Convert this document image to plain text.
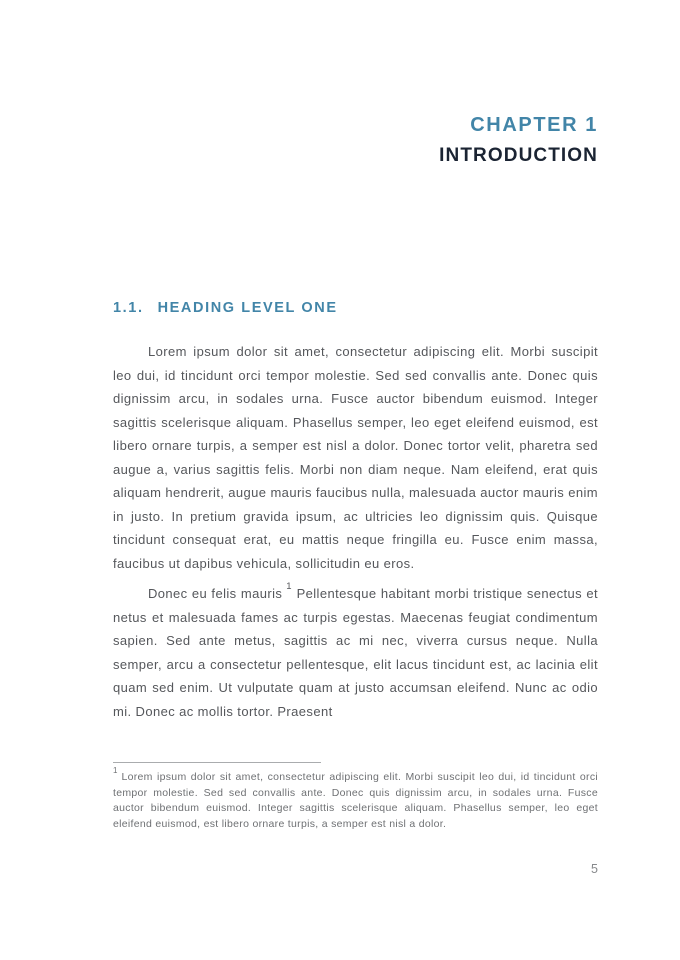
CHAPTER 1
INTRODUCTION
1.1. HEADING LEVEL ONE

Lorem ipsum dolor sit amet, consectetur adipiscing elit. Morbi suscipit leo dui, id tincidunt orci tempor molestie. Sed sed convallis ante. Donec quis dignissim arcu, in sodales urna. Fusce auctor bibendum euismod. Integer sagittis scelerisque aliquam. Phasellus semper, leo eget eleifend euismod, est libero ornare turpis, a semper est nisl a dolor. Donec tortor velit, pharetra sed augue a, varius sagittis felis. Morbi non diam neque. Nam eleifend, erat quis aliquam hendrerit, augue mauris faucibus nulla, malesuada auctor mauris enim in justo. In pretium gravida ipsum, ac ultricies leo dignissim quis. Quisque tincidunt consequat erat, eu mattis neque fringilla eu. Fusce enim massa, faucibus ut dapibus vehicula, sollicitudin eu eros.

Donec eu felis mauris $^1$ Pellentesque habitant morbi tristique senectus et netus et malesuada fames ac turpis egestas. Maecenas feugiat condimentum sapien. Sed ante metus, sagittis ac mi nec, viverra cursus neque. Nulla semper, arcu a consectetur pellentesque, elit lacus tincidunt est, ac lacinia elit quam sed enim. Ut vulputate quam at justo accumsan eleifend. Nunc ac odio mi. Donec ac mollis tortor. Praesent

$^1$Lorem ipsum dolor sit amet, consectetur adipiscing elit. Morbi suscipit leo dui, id tincidunt orci tempor molestie. Sed sed convallis ante. Donec quis dignissim arcu, in sodales urna. Fusce auctor bibendum euismod. Integer sagittis scelerisque aliquam. Phasellus semper, leo eget eleifend euismod, est libero ornare turpis, a semper est nisl a dolor.
5
